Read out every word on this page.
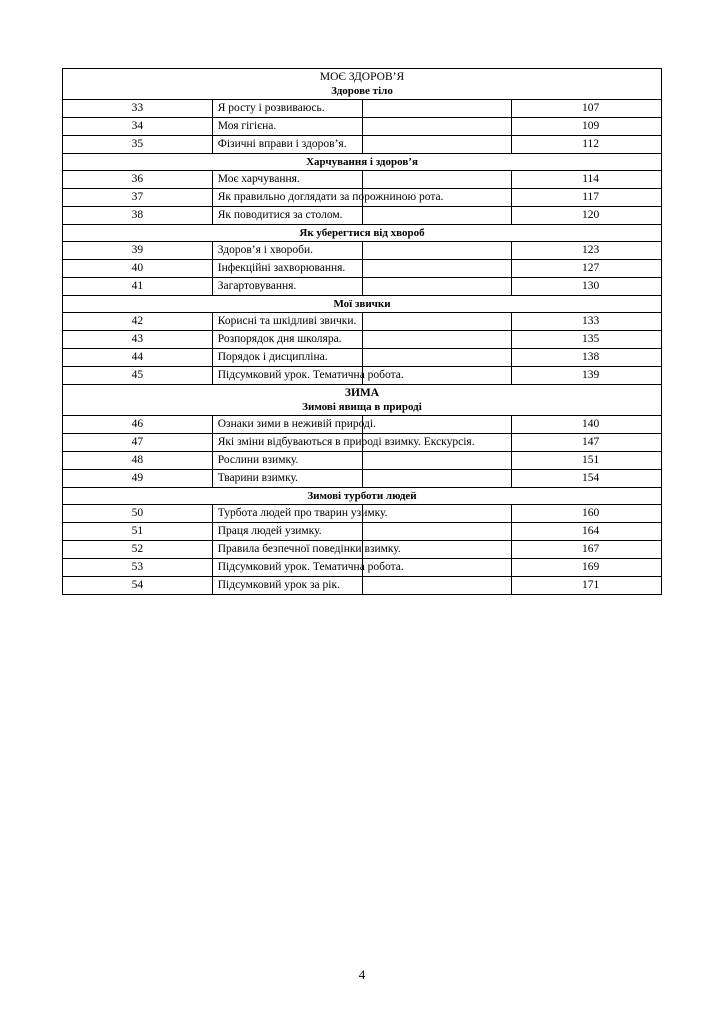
МОЄ ЗДОРОВ’Я
Здорове тіло			

33	Я росту і розвиваюсь.		107
34	Моя гігієна.		109
35	Фізичні вправи і здоров’я.		112

Харчування і здоров’я			

36	Моє харчування.		114
37	Як правильно доглядати за порожниною рота.		117
38	Як поводитися за столом.		120

Як уберегтися від хвороб			

39	Здоров’я і хвороби.		123
40	Інфекційні захворювання.		127
41	Загартовування.		130

Мої звички			

42	Корисні та шкідливі звички.		133
43	Розпорядок дня школяра.		135
44	Порядок і дисципліна.		138
45	Підсумковий урок. Тематична робота.		139

ЗИМА
Зимові явища в природі			

46	Ознаки зими в неживій природі.		140
47	Які зміни відбуваються в природі взимку. Екскурсія.		147
48	Рослини взимку.		151
49	Тварини взимку.		154

Зимові турботи людей			

50	Турбота людей про тварин узимку.		160
51	Праця людей узимку.		164
52	Правила безпечної поведінки взимку.		167
53	Підсумковий урок. Тематична робота.		169
54	Підсумковий урок за рік.		171
4
